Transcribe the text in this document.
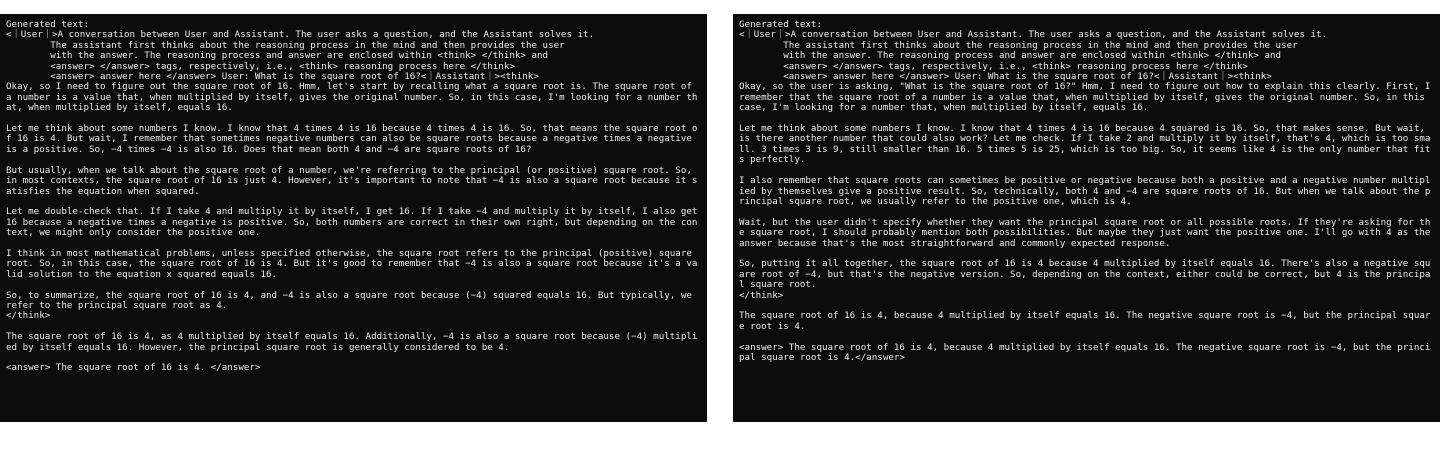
Generated text:
<｜User｜>A conversation between User and Assistant. The user asks a question, and the Assistant solves it.
The assistant first thinks about the reasoning process in the mind and then provides the user
with the answer. The reasoning process and answer are enclosed within <think> </think> and
<answer> </answer> tags, respectively, i.e., <think> reasoning process here </think>
<answer> answer here </answer> User: What is the square root of 16?<｜Assistant｜><think>
Okay, so I need to figure out the square root of 16. Hmm, let's start by recalling what a square root is. The square root of a number is a value that, when multiplied by itself, gives the original number. So, in this case, I'm looking for a number that, when multiplied by itself, equals 16.

Let me think about some numbers I know. I know that 4 times 4 is 16 because 4 times 4 is 16. So, that means the square root of 16 is 4. But wait, I remember that sometimes negative numbers can also be square roots because a negative times a negative is a positive. So, −4 times −4 is also 16. Does that mean both 4 and −4 are square roots of 16?

But usually, when we talk about the square root of a number, we're referring to the principal (or positive) square root. So, in most contexts, the square root of 16 is just 4. However, it's important to note that −4 is also a square root because it satisfies the equation when squared.

Let me double-check that. If I take 4 and multiply it by itself, I get 16. If I take −4 and multiply it by itself, I also get 16 because a negative times a negative is positive. So, both numbers are correct in their own right, but depending on the context, we might only consider the positive one.

I think in most mathematical problems, unless specified otherwise, the square root refers to the principal (positive) square root. So, in this case, the square root of 16 is 4. But it's good to remember that −4 is also a square root because it's a valid solution to the equation x squared equals 16.

So, to summarize, the square root of 16 is 4, and −4 is also a square root because (−4) squared equals 16. But typically, we refer to the principal square root as 4.
</think>

The square root of 16 is 4, as 4 multiplied by itself equals 16. Additionally, −4 is also a square root because (−4) multiplied by itself equals 16. However, the principal square root is generally considered to be 4.

<answer> The square root of 16 is 4. </answer>
Generated text:
<｜User｜>A conversation between User and Assistant. The user asks a question, and the Assistant solves it.
The assistant first thinks about the reasoning process in the mind and then provides the user
with the answer. The reasoning process and answer are enclosed within <think> </think> and
<answer> </answer> tags, respectively, i.e., <think> reasoning process here </think>
<answer> answer here </answer> User: What is the square root of 16?<｜Assistant｜><think>
Okay, so the user is asking, "What is the square root of 16?" Hmm, I need to figure out how to explain this clearly. First, I remember that the square root of a number is a value that, when multiplied by itself, gives the original number. So, in this case, I'm looking for a number that, when multiplied by itself, equals 16.

Let me think about some numbers I know. I know that 4 times 4 is 16 because 4 squared is 16. So, that makes sense. But wait, is there another number that could also work? Let me check. If I take 2 and multiply it by itself, that's 4, which is too small. 3 times 3 is 9, still smaller than 16. 5 times 5 is 25, which is too big. So, it seems like 4 is the only number that fits perfectly.

I also remember that square roots can sometimes be positive or negative because both a positive and a negative number multiplied by themselves give a positive result. So, technically, both 4 and −4 are square roots of 16. But when we talk about the principal square root, we usually refer to the positive one, which is 4.

Wait, but the user didn't specify whether they want the principal square root or all possible roots. If they're asking for the square root, I should probably mention both possibilities. But maybe they just want the positive one. I'll go with 4 as the answer because that's the most straightforward and commonly expected response.

So, putting it all together, the square root of 16 is 4 because 4 multiplied by itself equals 16. There's also a negative square root of −4, but that's the negative version. So, depending on the context, either could be correct, but 4 is the principal square root.
</think>

The square root of 16 is 4, because 4 multiplied by itself equals 16. The negative square root is −4, but the principal square root is 4.

<answer> The square root of 16 is 4, because 4 multiplied by itself equals 16. The negative square root is −4, but the principal square root is 4.</answer>
